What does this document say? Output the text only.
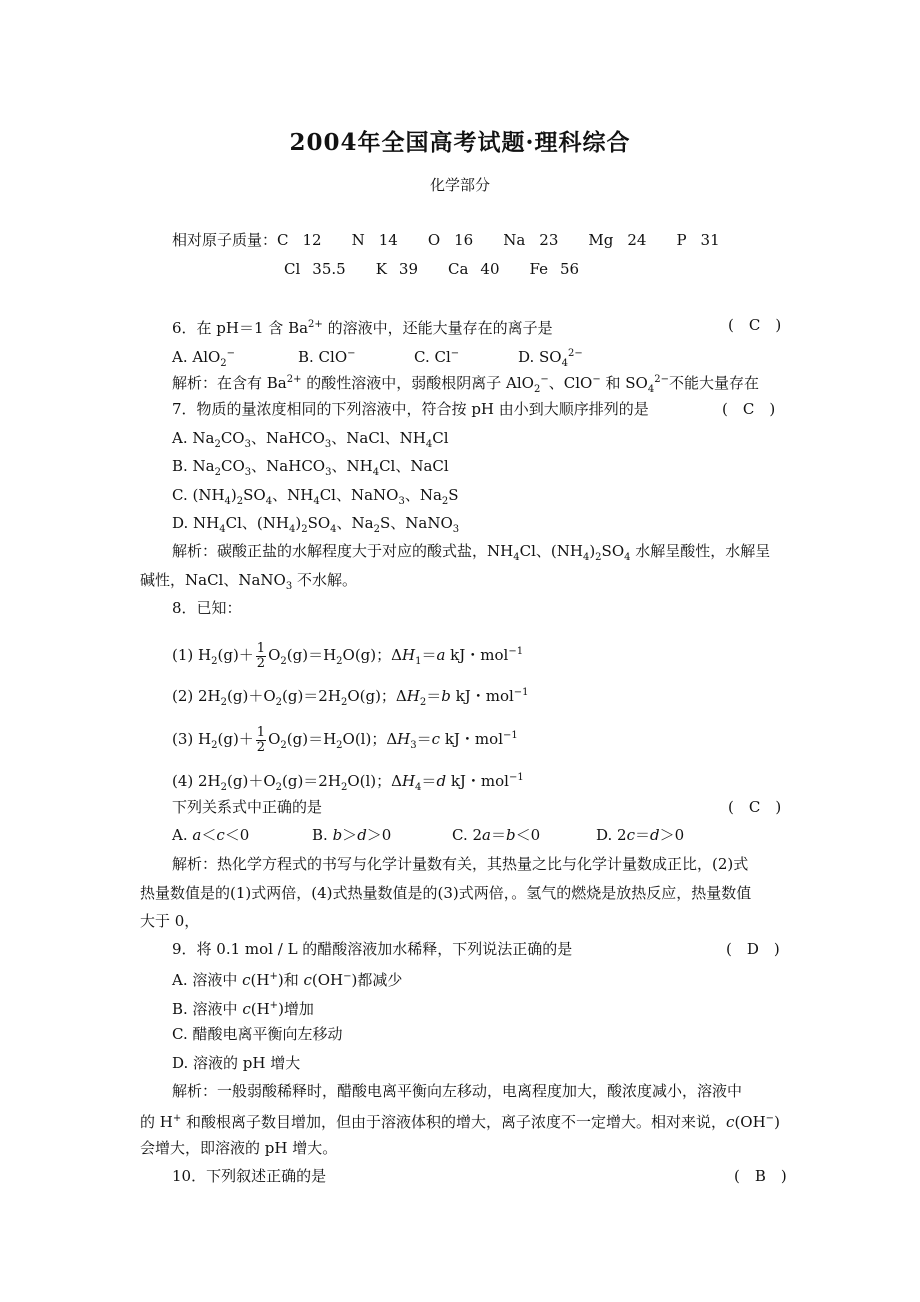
2004年全国高考试题·理科综合
化学部分
相对原子质量：C 12 N 14 O 16 Na 23 Mg 24 P 31
Cl 35.5 K 39 Ca 40 Fe 56
6．在 pH＝1 含 $Ba^{2+}$ 的溶液中，还能大量存在的离子是	(　C　)
A. AlO$_2$−	B. ClO−	C. Cl−	D. $SO_4^{2-}$
解析：在含有 $Ba^{2+}$ 的酸性溶液中，弱酸根阴离子 AlO$_2$−、ClO− 和 $SO_4^{2-}$不能大量存在
7．物质的量浓度相同的下列溶液中，符合按 pH 由小到大顺序排列的是	(　C　)
A. $Na_2CO_3$、NaHCO$_3$、NaCl、$NH_4Cl$
B. $Na_2CO_3$、NaHCO$_3$、$NH_4Cl$、NaCl
C. $(NH_4)_2SO_4$、$NH_4Cl$、NaNO$_3$、$Na_2S$
D. $NH_4Cl$、$(NH_4)_2SO_4$、$Na_2S$、NaNO$_3$
解析：碳酸正盐的水解程度大于对应的酸式盐，$NH_4Cl$、$(NH_4)_2SO_4$ 水解呈酸性，水解呈
碱性，NaCl、NaNO$_3$ 不水解。
8．已知：
(1) $H_2(g)+ \frac{1}{2} O_2(g)=H_2O(g)$；$\Delta H_1=a$ kJ・mol$^{-1}$
(2) $2H_2(g)+O_2(g)=2H_2O(g)$；$\Delta H_2=b$ kJ・mol$^{-1}$
(3) $H_2(g)+ \frac{1}{2} O_2(g)=H_2O(l)$；$\Delta H_3=c$ kJ・mol$^{-1}$
(4) $2H_2(g)+O_2(g)=2H_2O(l)$；$\Delta H_4=d$ kJ・mol$^{-1}$
下列关系式中正确的是	(　C　)
A. a＜c＜0	B. b＞d＞0	C. 2a＝b＜0	D. 2c＝d＞0
解析：热化学方程式的书写与化学计量数有关，其热量之比与化学计量数成正比，(2)式
热量数值是的(1)式两倍，(4)式热量数值是的(3)式两倍，。氢气的燃烧是放热反应，热量数值
大于 0，
9．将 0.1 mol / L 的醋酸溶液加水稀释，下列说法正确的是	(　D　)
A. 溶液中 c(H+)和 c(OH−)都减少
B. 溶液中 c(H+)增加
C. 醋酸电离平衡向左移动
D. 溶液的 pH 增大
解析：一般弱酸稀释时，醋酸电离平衡向左移动，电离程度加大，酸浓度减小，溶液中
的 H+ 和酸根离子数目增加，但由于溶液体积的增大，离子浓度不一定增大。相对来说，c(OH−)
会增大，即溶液的 pH 增大。
10．下列叙述正确的是	(　B　)
